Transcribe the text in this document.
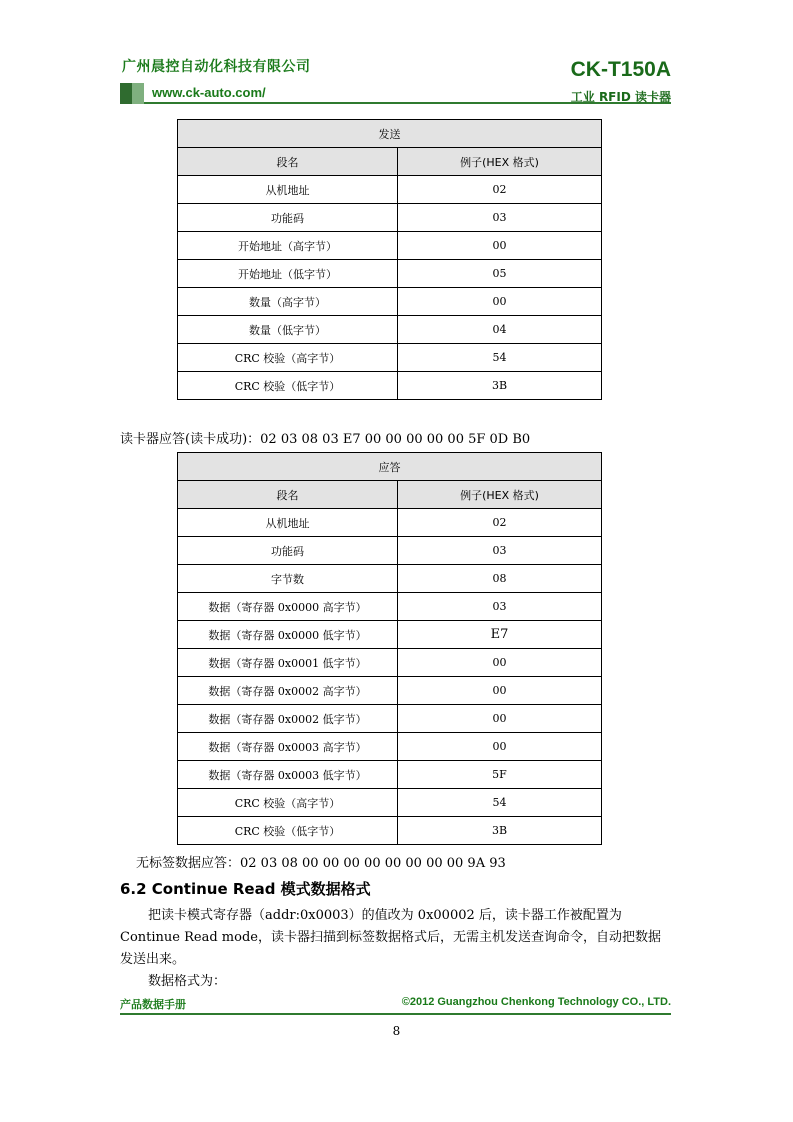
广州晨控自动化科技有限公司	CK-T150A
www.ck-auto.com/	工业 RFID 读卡器
发送	
段名	例子(HEX 格式)
从机地址	02
功能码	03
开始地址（高字节）	00
开始地址（低字节）	05
数量（高字节）	00
数量（低字节）	04
CRC 校验（高字节）	54
CRC 校验（低字节）	3B
读卡器应答(读卡成功)：02 03 08 03 E7 00 00 00 00 00 5F 0D B0
应答	
段名	例子(HEX 格式)
从机地址	02
功能码	03
字节数	08
数据（寄存器 0x0000 高字节）	03
数据（寄存器 0x0000 低字节）	E7
数据（寄存器 0x0001 低字节）	00
数据（寄存器 0x0002 高字节）	00
数据（寄存器 0x0002 低字节）	00
数据（寄存器 0x0003 高字节）	00
数据（寄存器 0x0003 低字节）	5F
CRC 校验（高字节）	54
CRC 校验（低字节）	3B
无标签数据应答：02 03 08 00 00 00 00 00 00 00 00 9A 93
6.2 Continue Read 模式数据格式
把读卡模式寄存器（addr:0x0003）的值改为 0x00002 后，读卡器工作被配置为 Continue Read mode，读卡器扫描到标签数据格式后，无需主机发送查询命令，自动把数据发送出来。
数据格式为：
产品数据手册	©2012 Guangzhou Chenkong Technology CO., LTD.
8
